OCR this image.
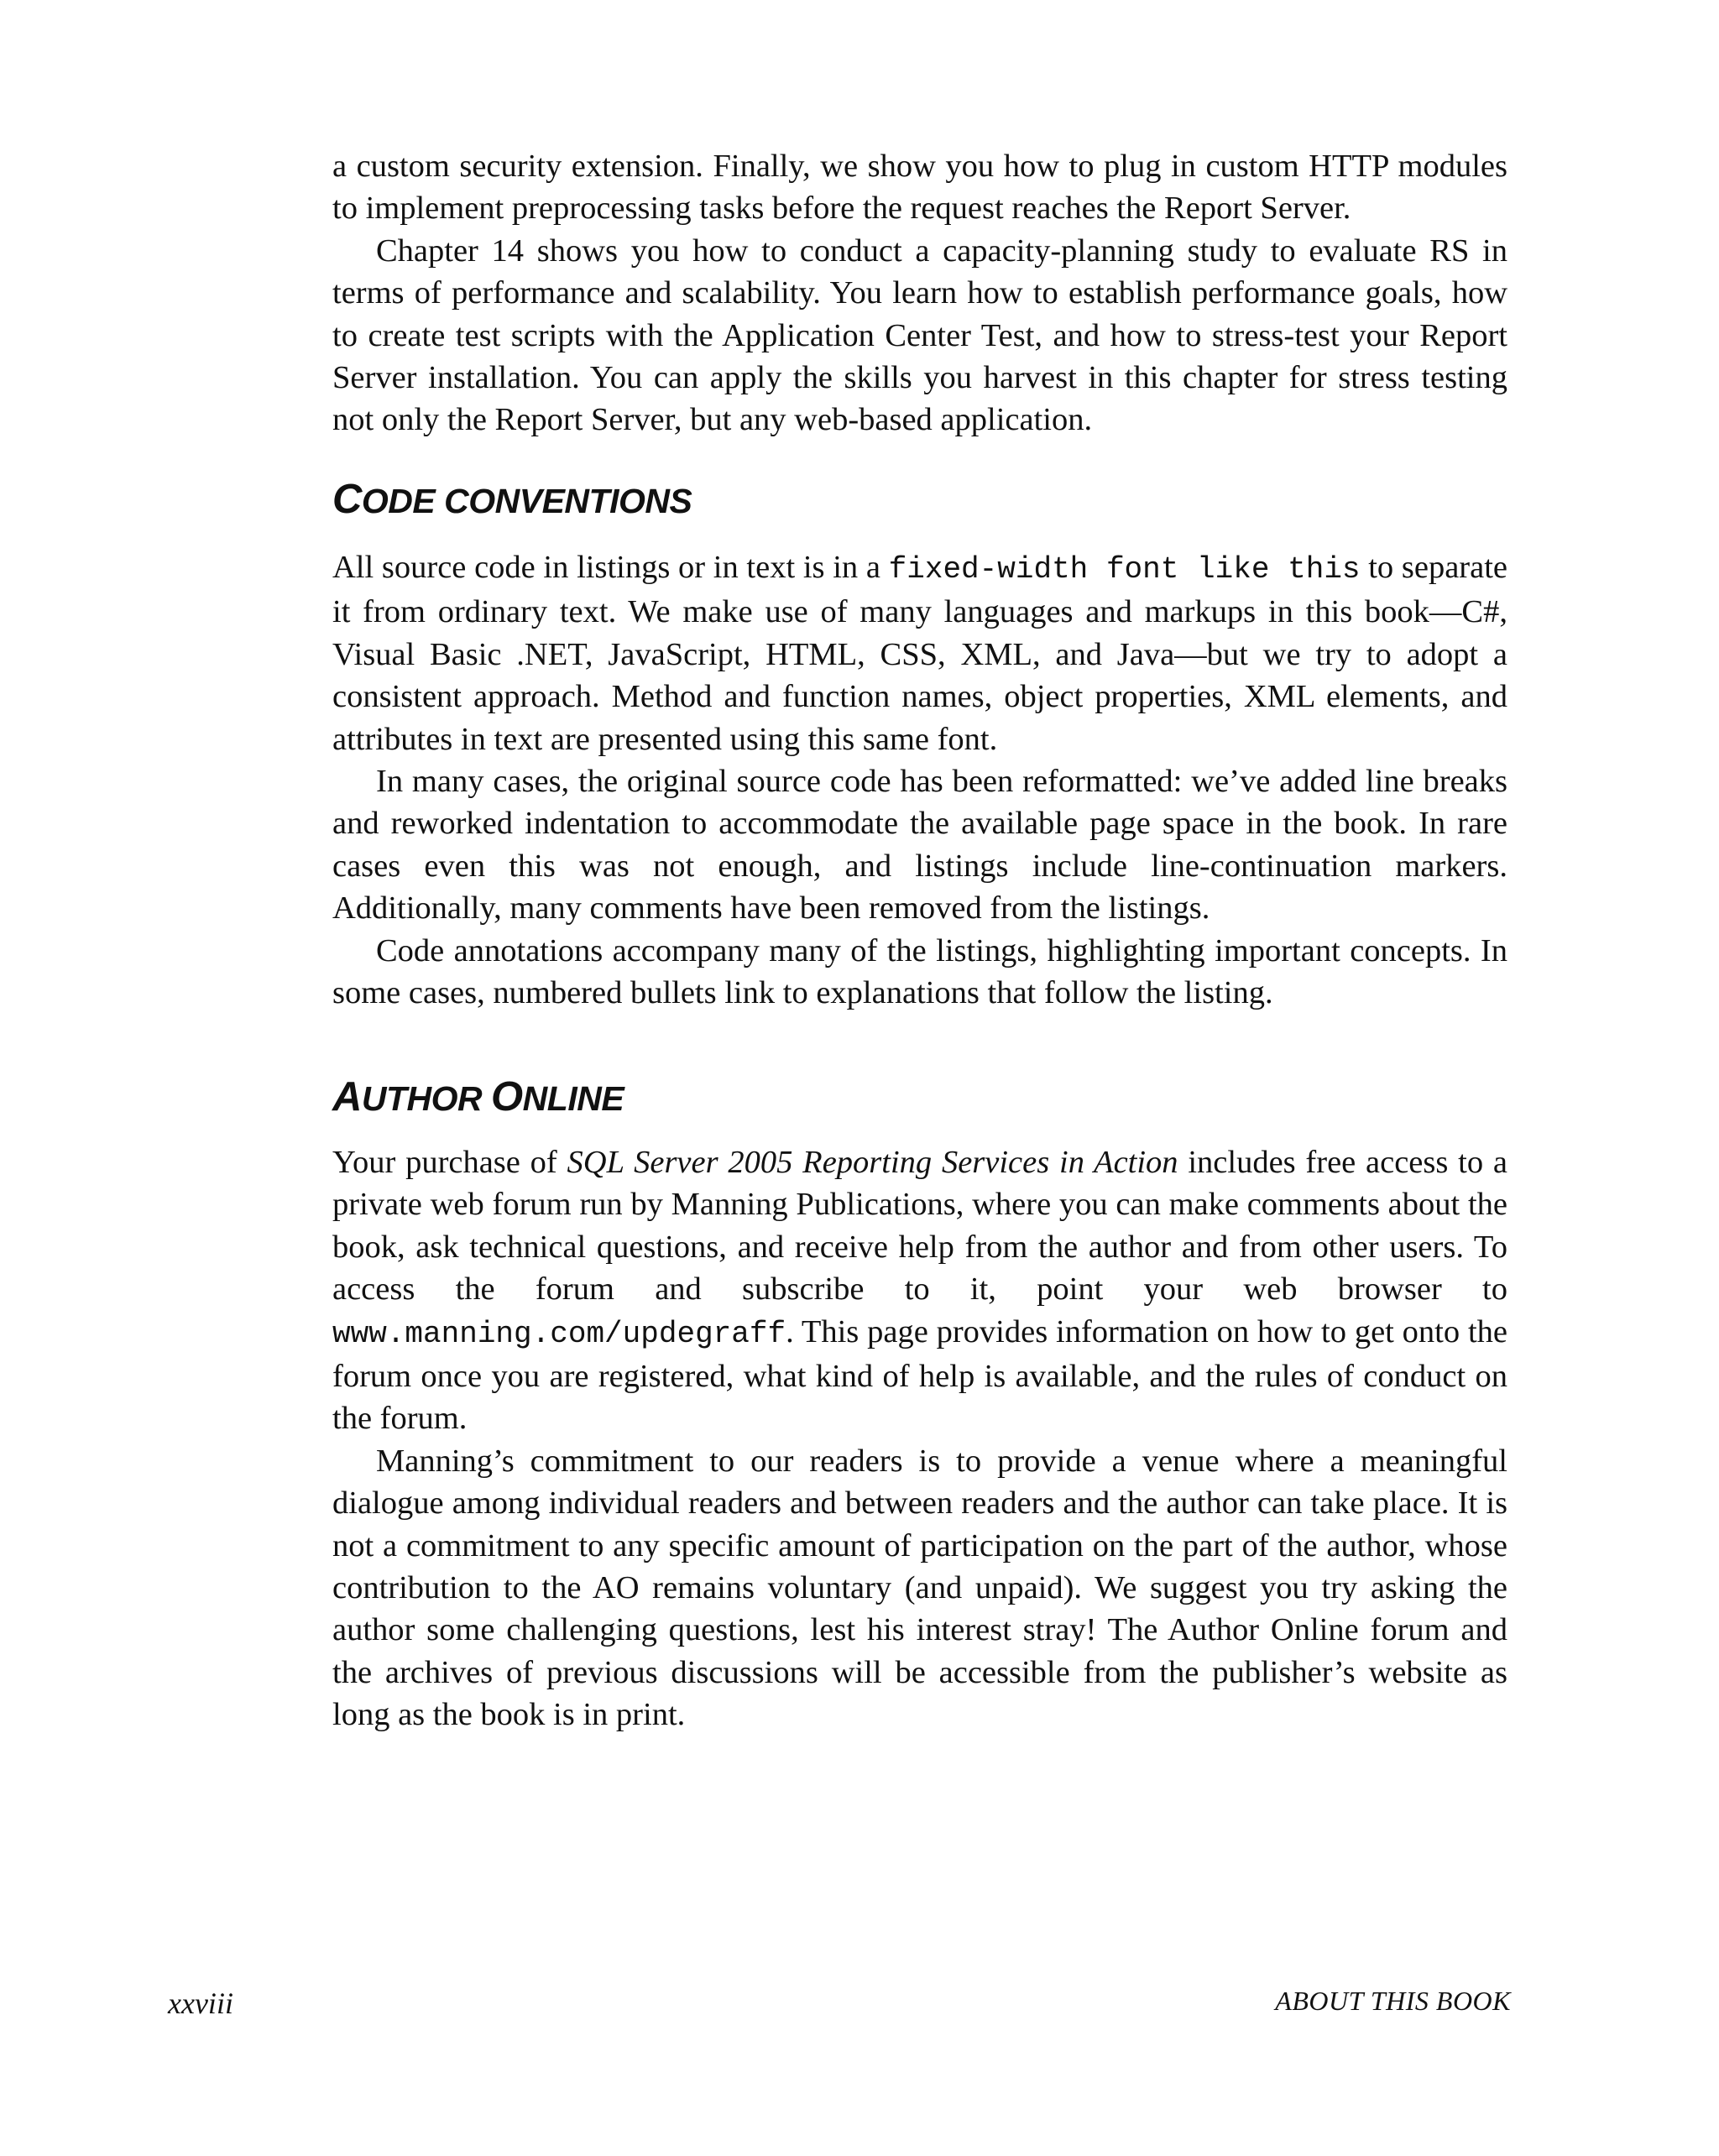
a custom security extension. Finally, we show you how to plug in custom HTTP modules to implement preprocessing tasks before the request reaches the Report Server.

Chapter 14 shows you how to conduct a capacity-planning study to evaluate RS in terms of performance and scalability. You learn how to establish performance goals, how to create test scripts with the Application Center Test, and how to stress-test your Report Server installation. You can apply the skills you harvest in this chapter for stress testing not only the Report Server, but any web-based application.

CODE CONVENTIONS

All source code in listings or in text is in a fixed-width font like this to separate it from ordinary text. We make use of many languages and markups in this book—C#, Visual Basic .NET, JavaScript, HTML, CSS, XML, and Java—but we try to adopt a consistent approach. Method and function names, object properties, XML elements, and attributes in text are presented using this same font.

In many cases, the original source code has been reformatted: we’ve added line breaks and reworked indentation to accommodate the available page space in the book. In rare cases even this was not enough, and listings include line-continuation markers. Additionally, many comments have been removed from the listings.

Code annotations accompany many of the listings, highlighting important concepts. In some cases, numbered bullets link to explanations that follow the listing.

AUTHOR ONLINE

Your purchase of SQL Server 2005 Reporting Services in Action includes free access to a private web forum run by Manning Publications, where you can make comments about the book, ask technical questions, and receive help from the author and from other users. To access the forum and subscribe to it, point your web browser to www.manning.com/updegraff. This page provides information on how to get onto the forum once you are registered, what kind of help is available, and the rules of conduct on the forum.

Manning’s commitment to our readers is to provide a venue where a meaningful dialogue among individual readers and between readers and the author can take place. It is not a commitment to any specific amount of participation on the part of the author, whose contribution to the AO remains voluntary (and unpaid). We suggest you try asking the author some challenging questions, lest his interest stray! The Author Online forum and the archives of previous discussions will be accessible from the publisher’s website as long as the book is in print.

xxviii	ABOUT THIS BOOK
